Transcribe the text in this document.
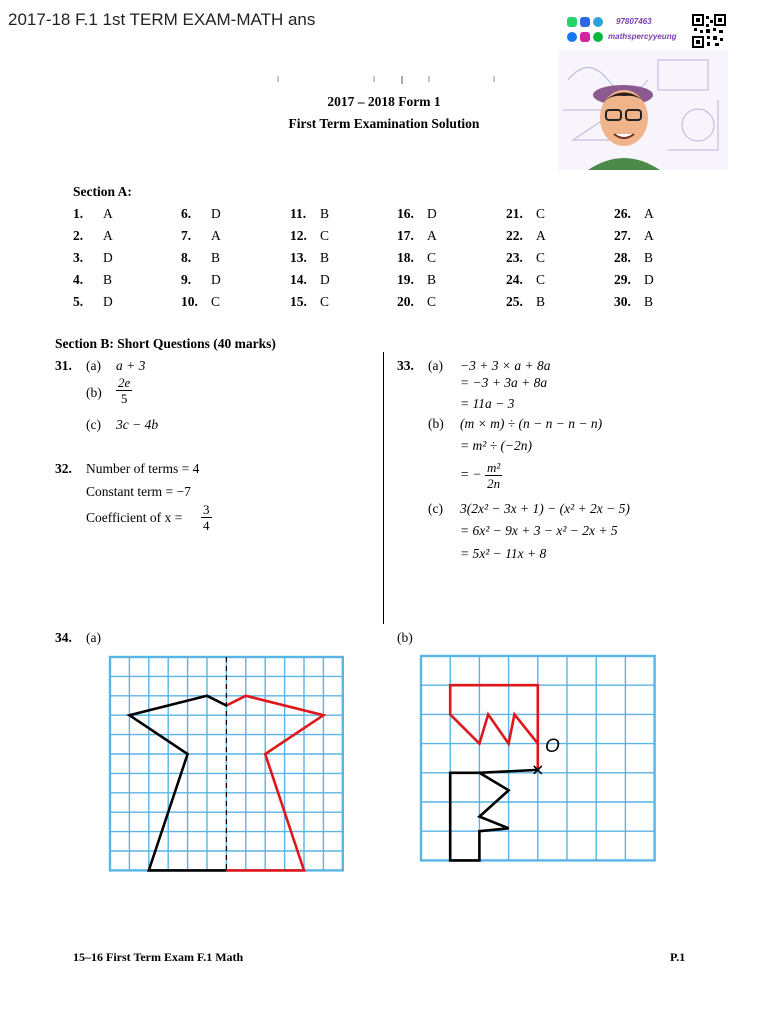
2017-18 F.1 1st TERM EXAM-MATH ans	97807463
mathspercyyeung
2017 – 2018 Form 1
First Term Examination Solution
Section A:
1. A
2. A
3. D
4. B
5. D
6. D
7. A
8. B
9. D
10. C
11. B
12. C
13. B
14. D
15. C
16. D
17. A
18. C
19. B
20. C
21. C
22. A
23. C
24. C
25. B
26. A
27. A
28. B
29. D
30. B
Section B: Short Questions (40 marks)
31. (a) a + 3
$(b) \frac{2e}{5}$
(c) 3c − 4b
32. Number of terms = 4
Constant term = −7
Coefficient of $x = \frac{3}{4}$
33. (a) −3 + 3 × a + 8a
= −3 + 3a + 8a
= 11a − 3
(b) (m × m) ÷ (n − n − n − n)
= m² ÷ (−2n)
= − $\frac{\text{m²}}{2n}$
(c) 3(2x² − 3x + 1) − (x² + 2x − 5)
= 6x² − 9x + 3 − x² − 2x + 5
= 5x² − 11x + 8
34. (a)	(b)
O
15–16 First Term Exam F.1 Math	P.1
